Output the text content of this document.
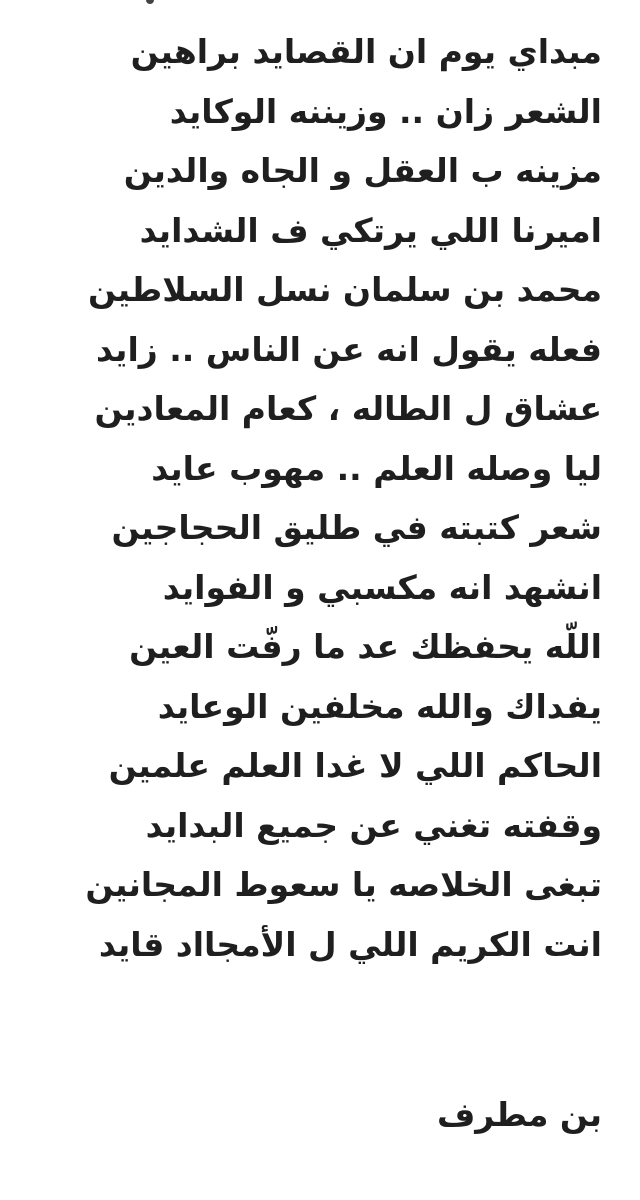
مبداي يوم ان القصايد براهين
الشعر زان .. وزيننه الوكايد
مزينه ب العقل و الجاه والدين
اميرنا اللي يرتكي ف الشدايد
محمد بن سلمان نسل السلاطين
فعله يقول انه عن الناس .. زايد
عشاق ل الطاله ، كعام المعادين
ليا وصله العلم .. مهوب عايد
شعر كتبته في طليق الحجاجين
انشهد انه مكسبي و الفوايد
اللّه يحفظك عد ما رفّت العين
يفداك والله مخلفين الوعايد
الحاكم اللي لا غدا العلم علمين
وقفته تغني عن جميع البدايد
تبغى الخلاصه يا سعوط المجانين
انت الكريم اللي ل الأمجااد قايد
بن مطرف
